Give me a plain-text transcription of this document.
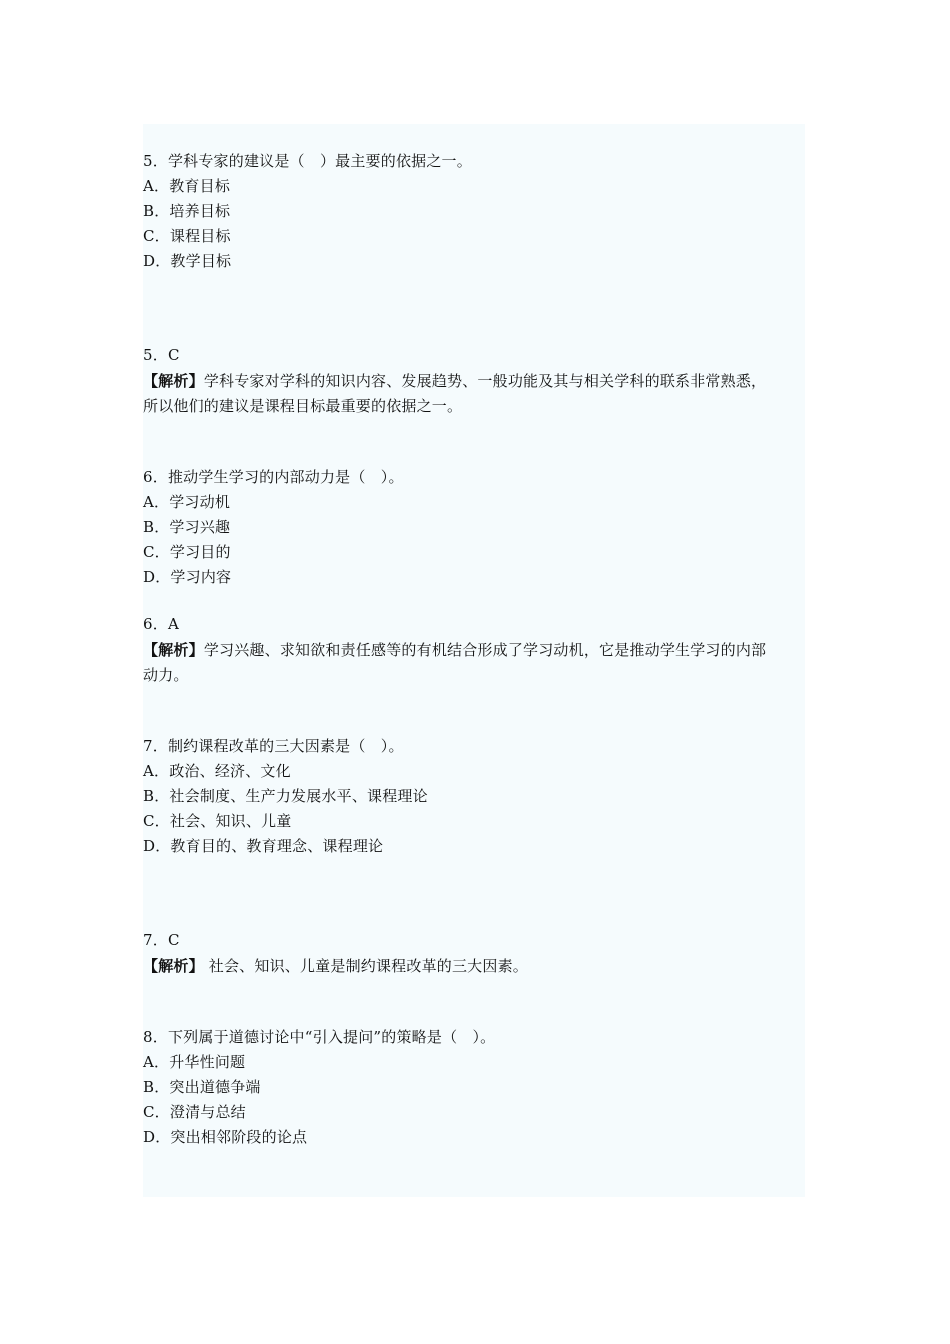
5．学科专家的建议是（　）最主要的依据之一。
A．教育目标
B．培养目标
C．课程目标
D．教学目标
5．C
【解析】学科专家对学科的知识内容、发展趋势、一般功能及其与相关学科的联系非常熟悉，
所以他们的建议是课程目标最重要的依据之一。
6．推动学生学习的内部动力是（　）。
A．学习动机
B．学习兴趣
C．学习目的
D．学习内容
6．A
【解析】学习兴趣、求知欲和责任感等的有机结合形成了学习动机，它是推动学生学习的内部
动力。
7．制约课程改革的三大因素是（　）。
A．政治、经济、文化
B．社会制度、生产力发展水平、课程理论
C．社会、知识、儿童
D．教育目的、教育理念、课程理论
7．C
【解析】 社会、知识、儿童是制约课程改革的三大因素。
8．下列属于道德讨论中“引入提问”的策略是（　）。
A．升华性问题
B．突出道德争端
C．澄清与总结
D．突出相邻阶段的论点
